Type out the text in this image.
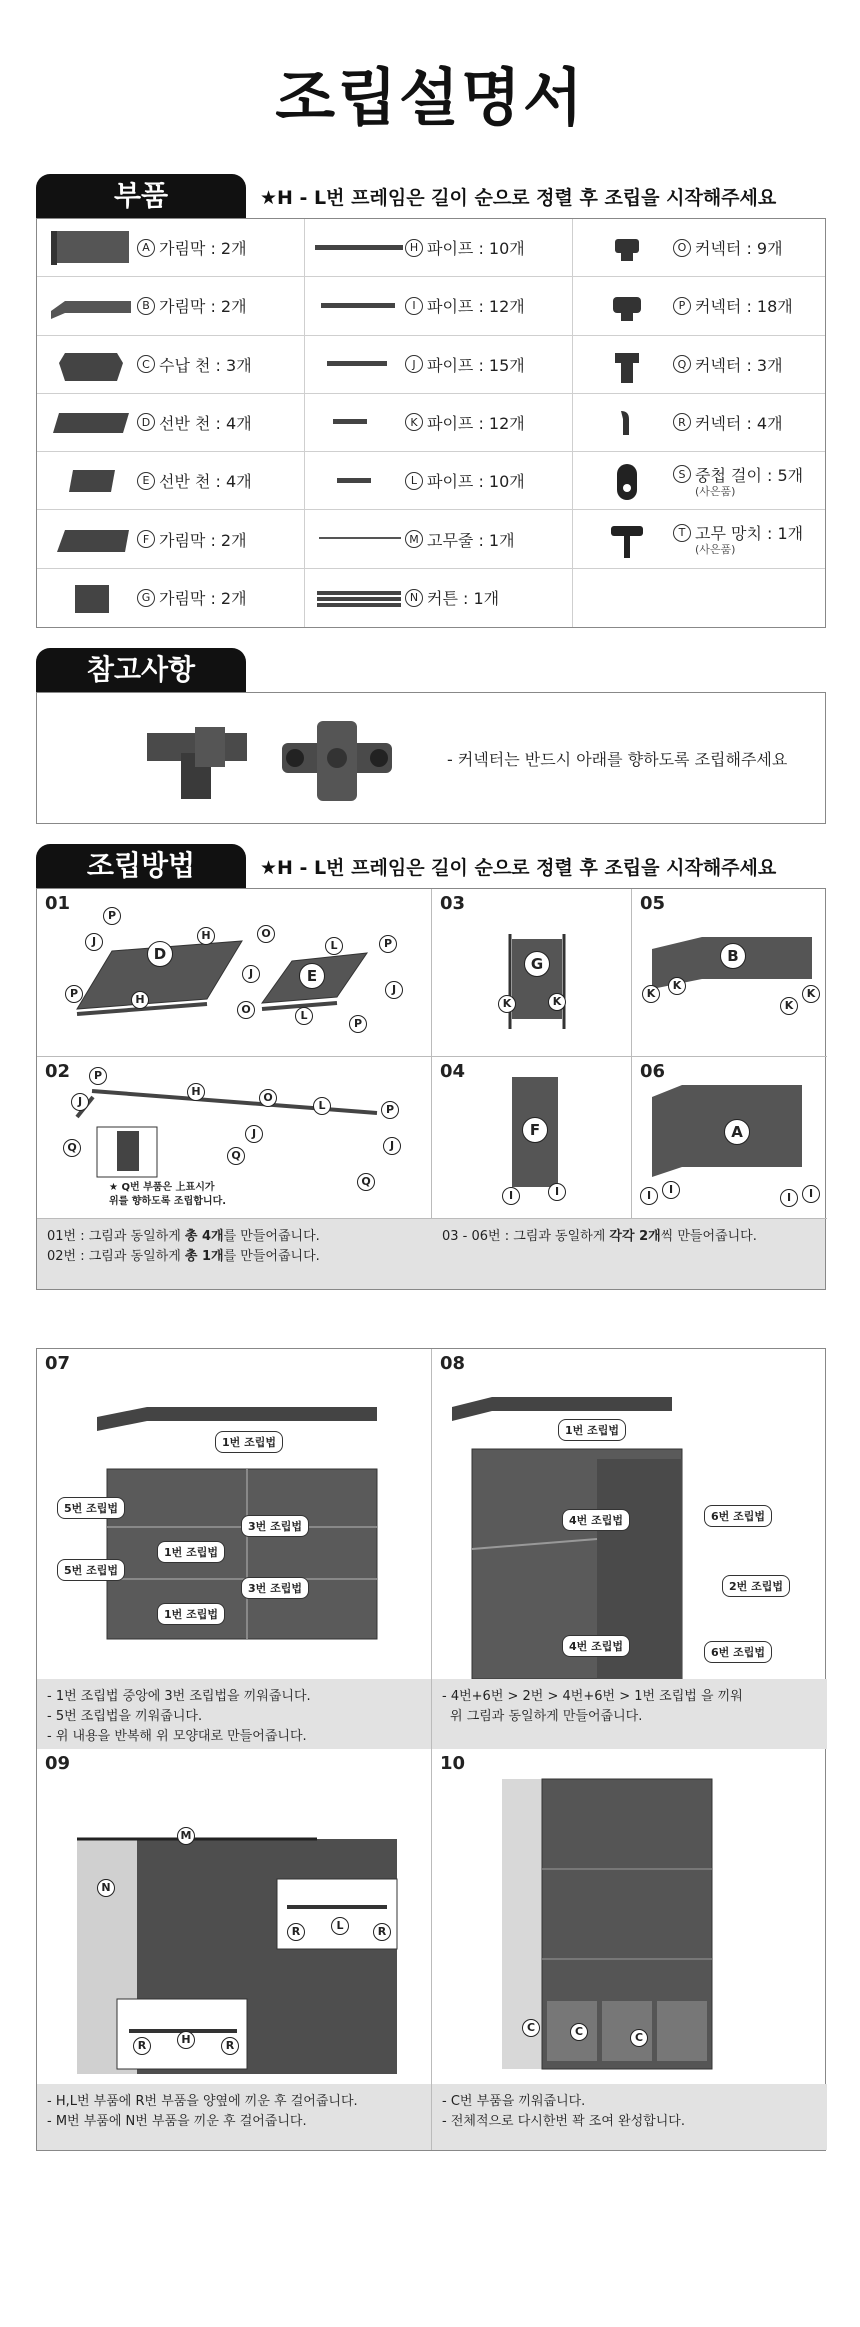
조립설명서
부품	★H - L번 프레임은 길이 순으로 정렬 후 조립을 시작해주세요
A 가림막 : 2개	H 파이프 : 10개	O 커넥터 : 9개
B 가림막 : 2개	I 파이프 : 12개	P 커넥터 : 18개
C 수납 천 : 3개	J 파이프 : 15개	Q 커넥터 : 3개
D 선반 천 : 4개	K 파이프 : 12개	R 커넥터 : 4개
E 선반 천 : 4개	L 파이프 : 10개	S 중첩 걸이 : 5개
(사은품)
F 가림막 : 2개	M 고무줄 : 1개	T 고무 망치 : 1개
(사은품)
G 가림막 : 2개	N 커튼 : 1개
참고사항
- 커넥터는 반드시 아래를 향하도록 조립해주세요
조립방법	★H - L번 프레임은 길이 순으로 정렬 후 조립을 시작해주세요
01
P
J
P	H
D
H	O
J
O
E
L
L
P
J
P
03
G
K	K
05
B
K
K
K
K
02	P
J
Q
H	O
L	P
J
Q
J
Q
★ Q번 부품은 上표시가
위를 향하도록 조립합니다.
04
F
I	I
06
A
I	I
I	I
01번 : 그림과 동일하게 총 4개를 만들어줍니다.
02번 : 그림과 동일하게 총 1개를 만들어줍니다.
03 - 06번 : 그림과 동일하게 각각 2개씩 만들어줍니다.
07
1번 조립법
5번 조립법
3번 조립법
1번 조립법
5번 조립법
3번 조립법
1번 조립법
- 1번 조립법 중앙에 3번 조립법을 끼워줍니다.
- 5번 조립법을 끼워줍니다.
- 위 내용을 반복해 위 모양대로 만들어줍니다.
08
1번 조립법
4번 조립법	6번 조립법
2번 조립법
4번 조립법	6번 조립법
- 4번+6번 > 2번 > 4번+6번 > 1번 조립법 을 끼워
위 그림과 동일하게 만들어줍니다.
09
M
N
R	L	R
R	H	R
- H,L번 부품에 R번 부품을 양옆에 끼운 후 걸어줍니다.
- M번 부품에 N번 부품을 끼운 후 걸어줍니다.
10
C	C	C
- C번 부품을 끼워줍니다.
- 전체적으로 다시한번 꽉 조여 완성합니다.
